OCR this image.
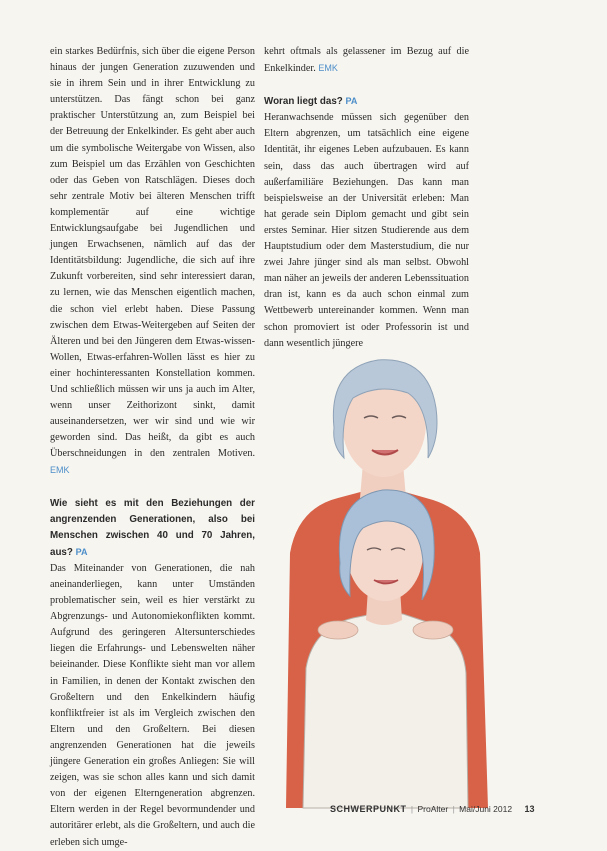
ein starkes Bedürfnis, sich über die eigene Person hinaus der jungen Generation zuzuwenden und sie in ihrem Sein und in ihrer Entwicklung zu unterstützen. Das fängt schon bei ganz praktischer Unterstützung an, zum Beispiel bei der Betreuung der Enkelkinder. Es geht aber auch um die symbolische Weitergabe von Wissen, also zum Beispiel um das Erzählen von Geschichten oder das Geben von Ratschlägen. Dieses doch sehr zentrale Motiv bei älteren Menschen trifft komplementär auf eine wichtige Entwicklungsaufgabe bei Jugendlichen und jungen Erwachsenen, nämlich auf das der Identitätsbildung: Jugendliche, die sich auf ihre Zukunft vorbereiten, sind sehr interessiert daran, zu lernen, wie das Menschen eigentlich machen, die schon viel erlebt haben. Diese Passung zwischen dem Etwas-Weitergeben auf Seiten der Älteren und bei den Jüngeren dem Etwas-wissen-Wollen, Etwas-erfahren-Wollen lässt es hier zu einer hochinteressanten Konstellation kommen. Und schließlich müssen wir uns ja auch im Alter, wenn unser Zeithorizont sinkt, damit auseinandersetzen, wer wir sind und wie wir geworden sind. Das heißt, da gibt es auch Überschneidungen in den zentralen Motiven. EMK

Wie sieht es mit den Beziehungen der angrenzenden Generationen, also bei Menschen zwischen 40 und 70 Jahren, aus? PA

Das Miteinander von Generationen, die nah aneinanderliegen, kann unter Umständen problematischer sein, weil es hier verstärkt zu Abgrenzungs- und Autonomiekonflikten kommt. Aufgrund des geringeren Altersunterschiedes liegen die Erfahrungs- und Lebenswelten näher beieinander. Diese Konflikte sieht man vor allem in Familien, in denen der Kontakt zwischen den Großeltern und den Enkelkindern häufig konfliktfreier ist als im Vergleich zwischen den Eltern und den Großeltern. Bei diesen angrenzenden Generationen hat die jeweils jüngere Generation ein großes Anliegen: Sie will zeigen, was sie schon alles kann und sich damit von der eigenen Elterngeneration abgrenzen. Eltern werden in der Regel bevormundender und autoritärer erlebt, als die Großeltern, und auch die erleben sich umge-

kehrt oftmals als gelassener im Bezug auf die Enkelkinder. EMK

Woran liegt das? PA

Heranwachsende müssen sich gegenüber den Eltern abgrenzen, um tatsächlich eine eigene Identität, ihr eigenes Leben aufzubauen. Es kann sein, dass das auch übertragen wird auf außerfamiliäre Beziehungen. Das kann man beispielsweise an der Universität erleben: Man hat gerade sein Diplom gemacht und gibt sein erstes Seminar. Hier sitzen Studierende aus dem Hauptstudium oder dem Masterstudium, die nur zwei Jahre jünger sind als man selbst. Obwohl man näher an jeweils der anderen Lebenssituation dran ist, kann es da auch schon einmal zum Wettbewerb untereinander kommen. Wenn man schon promoviert ist oder Professorin ist und dann wesentlich jüngere

SCHWERPUNKT | ProAlter | Mai/Juni 2012 13
